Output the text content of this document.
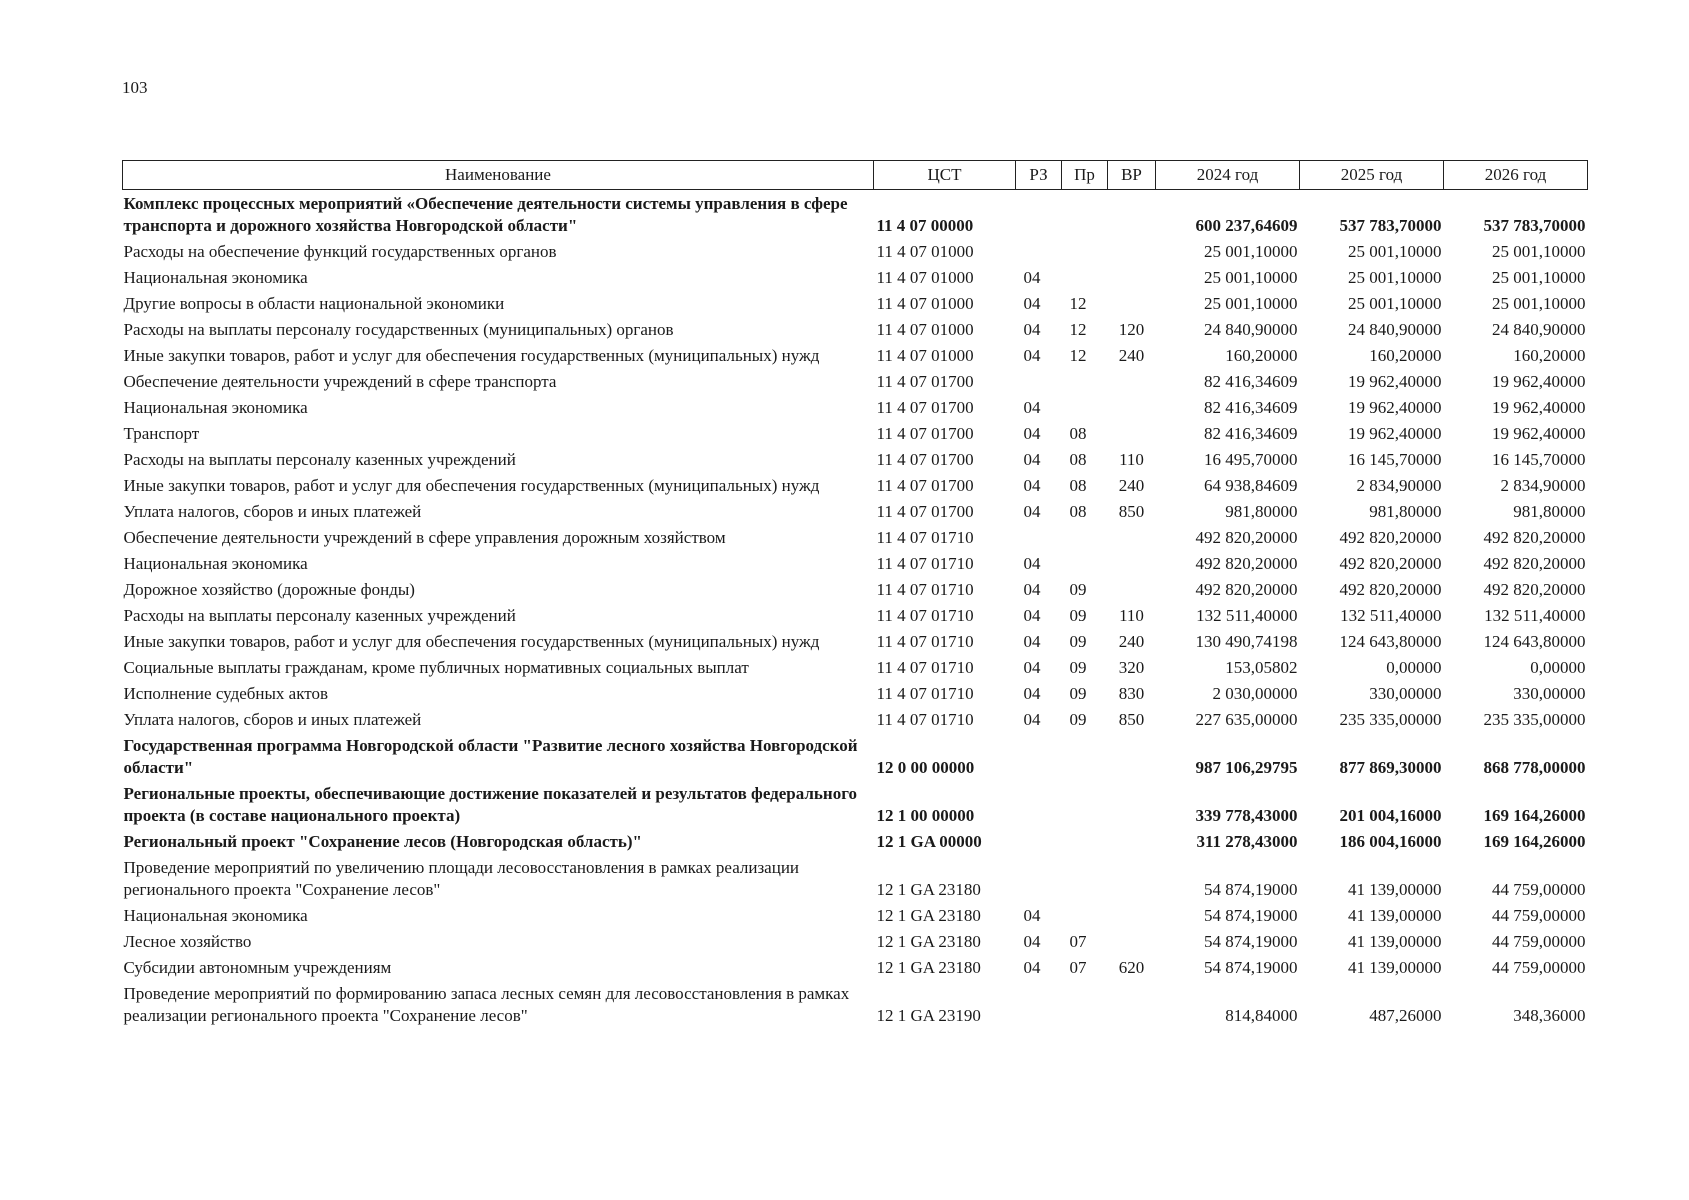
103
Наименование	ЦСТ	РЗ	Пр	ВР	2024 год	2025 год	2026 год
Комплекс процессных мероприятий «Обеспечение деятельности системы управления в сфере транспорта и дорожного хозяйства Новгородской области"	11 4 07 00000				600 237,64609	537 783,70000	537 783,70000
Расходы на обеспечение функций государственных органов	11 4 07 01000				25 001,10000	25 001,10000	25 001,10000
Национальная экономика	11 4 07 01000	04			25 001,10000	25 001,10000	25 001,10000
Другие вопросы в области национальной экономики	11 4 07 01000	04	12		25 001,10000	25 001,10000	25 001,10000
Расходы на выплаты персоналу государственных (муниципальных) органов	11 4 07 01000	04	12	120	24 840,90000	24 840,90000	24 840,90000
Иные закупки товаров, работ и услуг для обеспечения государственных (муниципальных) нужд	11 4 07 01000	04	12	240	160,20000	160,20000	160,20000
Обеспечение деятельности учреждений в сфере транспорта	11 4 07 01700				82 416,34609	19 962,40000	19 962,40000
Национальная экономика	11 4 07 01700	04			82 416,34609	19 962,40000	19 962,40000
Транспорт	11 4 07 01700	04	08		82 416,34609	19 962,40000	19 962,40000
Расходы на выплаты персоналу казенных учреждений	11 4 07 01700	04	08	110	16 495,70000	16 145,70000	16 145,70000
Иные закупки товаров, работ и услуг для обеспечения государственных (муниципальных) нужд	11 4 07 01700	04	08	240	64 938,84609	2 834,90000	2 834,90000
Уплата налогов, сборов и иных платежей	11 4 07 01700	04	08	850	981,80000	981,80000	981,80000
Обеспечение деятельности учреждений в сфере управления дорожным хозяйством	11 4 07 01710				492 820,20000	492 820,20000	492 820,20000
Национальная экономика	11 4 07 01710	04			492 820,20000	492 820,20000	492 820,20000
Дорожное хозяйство (дорожные фонды)	11 4 07 01710	04	09		492 820,20000	492 820,20000	492 820,20000
Расходы на выплаты персоналу казенных учреждений	11 4 07 01710	04	09	110	132 511,40000	132 511,40000	132 511,40000
Иные закупки товаров, работ и услуг для обеспечения государственных (муниципальных) нужд	11 4 07 01710	04	09	240	130 490,74198	124 643,80000	124 643,80000
Социальные выплаты гражданам, кроме публичных нормативных социальных выплат	11 4 07 01710	04	09	320	153,05802	0,00000	0,00000
Исполнение судебных актов	11 4 07 01710	04	09	830	2 030,00000	330,00000	330,00000
Уплата налогов, сборов и иных платежей	11 4 07 01710	04	09	850	227 635,00000	235 335,00000	235 335,00000
Государственная программа Новгородской области "Развитие лесного хозяйства Новгородской области"	12 0 00 00000				987 106,29795	877 869,30000	868 778,00000
Региональные проекты, обеспечивающие достижение показателей и результатов федерального проекта (в составе национального проекта)	12 1 00 00000				339 778,43000	201 004,16000	169 164,26000
Региональный проект "Сохранение лесов (Новгородская область)"	12 1 GA 00000				311 278,43000	186 004,16000	169 164,26000
Проведение мероприятий по увеличению площади лесовосстановления в рамках реализации регионального проекта "Сохранение лесов"	12 1 GA 23180				54 874,19000	41 139,00000	44 759,00000
Национальная экономика	12 1 GA 23180	04			54 874,19000	41 139,00000	44 759,00000
Лесное хозяйство	12 1 GA 23180	04	07		54 874,19000	41 139,00000	44 759,00000
Субсидии автономным учреждениям	12 1 GA 23180	04	07	620	54 874,19000	41 139,00000	44 759,00000
Проведение мероприятий по формированию запаса лесных семян для лесовосстановления в рамках реализации регионального проекта "Сохранение лесов"	12 1 GA 23190				814,84000	487,26000	348,36000
